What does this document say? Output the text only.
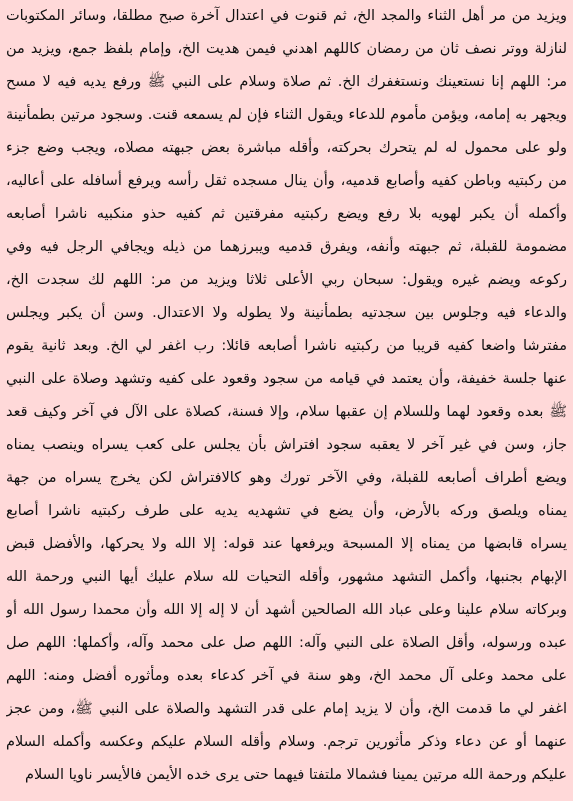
ويزيد من مر أهل الثناء والمجد الخ، ثم قنوت في اعتدال آخرة صبح مطلقا، وسائر المكتوبات
لنازلة ووتر نصف ثان من رمضان كاللهم اهدني فيمن هديت الخ، وإمام بلفظ جمع، ويزيد من
مر: اللهم إنا نستعينك ونستغفرك الخ. ثم صلاة وسلام على النبي ﷺ ورفع يديه فيه لا مسح
ويجهر به إمامه، ويؤمن مأموم للدعاء ويقول الثناء فإن لم يسمعه قنت. وسجود مرتين بطمأنينة
ولو على محمول له لم يتحرك بحركته، وأقله مباشرة بعض جبهته مصلاه، ويجب وضع جزء
من ركبتيه وباطن كفيه وأصابع قدميه، وأن ينال مسجده ثقل رأسه ويرفع أسافله على أعاليه،
وأكمله أن يكبر لهويه بلا رفع ويضع ركبتيه مفرقتين ثم كفيه حذو منكبيه ناشرا أصابعه
مضمومة للقبلة، ثم جبهته وأنفه، ويفرق قدميه ويبرزهما من ذيله ويجافي الرجل فيه وفي
ركوعه ويضم غيره ويقول: سبحان ربي الأعلى ثلاثا ويزيد من مر: اللهم لك سجدت الخ،
والدعاء فيه وجلوس بين سجدتيه بطمأنينة ولا يطوله ولا الاعتدال. وسن أن يكبر ويجلس
مفترشا واضعا كفيه قريبا من ركبتيه ناشرا أصابعه قائلا: رب اغفر لي الخ. وبعد ثانية يقوم
عنها جلسة خفيفة، وأن يعتمد في قيامه من سجود وقعود على كفيه وتشهد وصلاة على النبي
ﷺ بعده وقعود لهما وللسلام إن عقبها سلام، وإلا فسنة، كصلاة على الآل في آخر وكيف قعد
جاز، وسن في غير آخر لا يعقبه سجود افتراش بأن يجلس على كعب يسراه وينصب يمناه
ويضع أطراف أصابعه للقبلة، وفي الآخر تورك وهو كالافتراش لكن يخرج يسراه من جهة
يمناه ويلصق وركه بالأرض، وأن يضع في تشهديه يديه على طرف ركبتيه ناشرا أصابع
يسراه قابضها من يمناه إلا المسبحة ويرفعها عند قوله: إلا الله ولا يحركها، والأفضل قبض
الإبهام بجنبها، وأكمل التشهد مشهور، وأقله التحيات لله سلام عليك أيها النبي ورحمة الله
وبركاته سلام علينا وعلى عباد الله الصالحين أشهد أن لا إله إلا الله وأن محمدا رسول الله أو
عبده ورسوله، وأقل الصلاة على النبي وآله: اللهم صل على محمد وآله، وأكملها: اللهم صل
على محمد وعلى آل محمد الخ، وهو سنة في آخر كدعاء بعده ومأثوره أفضل ومنه: اللهم
اغفر لي ما قدمت الخ، وأن لا يزيد إمام على قدر التشهد والصلاة على النبي ﷺ، ومن عجز
عنهما أو عن دعاء وذكر مأثورين ترجم. وسلام وأقله السلام عليكم وعكسه وأكمله السلام
عليكم ورحمة الله مرتين يمينا فشمالا ملتفتا فيهما حتى يرى خده الأيمن فالأيسر ناويا السلام
